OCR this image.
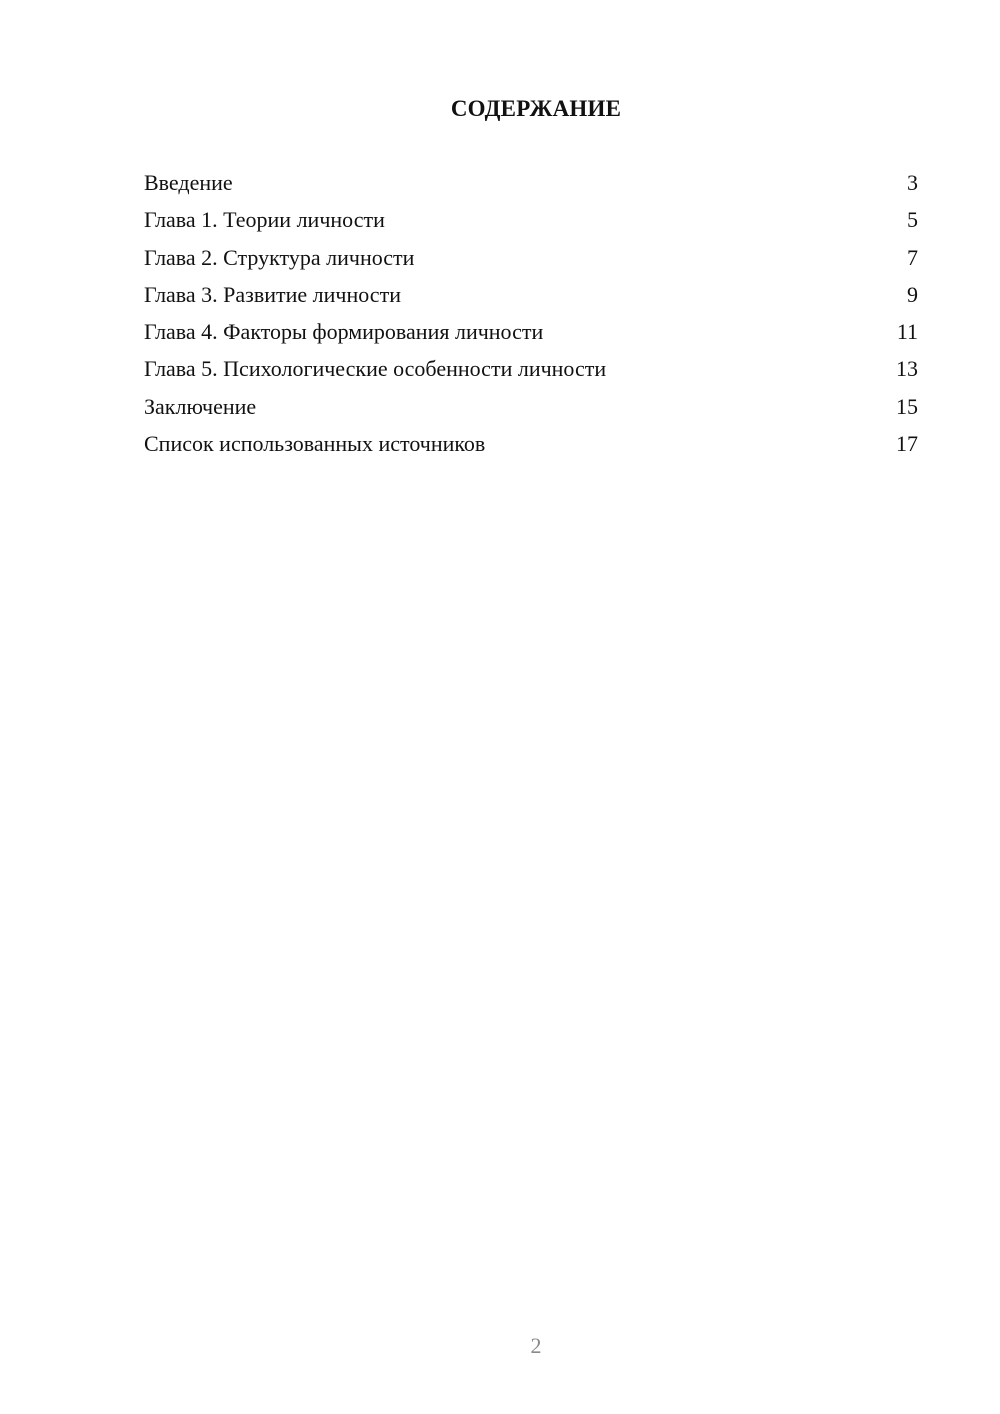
СОДЕРЖАНИЕ
Введение	3
Глава 1. Теории личности	5
Глава 2. Структура личности	7
Глава 3. Развитие личности	9
Глава 4. Факторы формирования личности	11
Глава 5. Психологические особенности личности	13
Заключение	15
Список использованных источников	17
2
